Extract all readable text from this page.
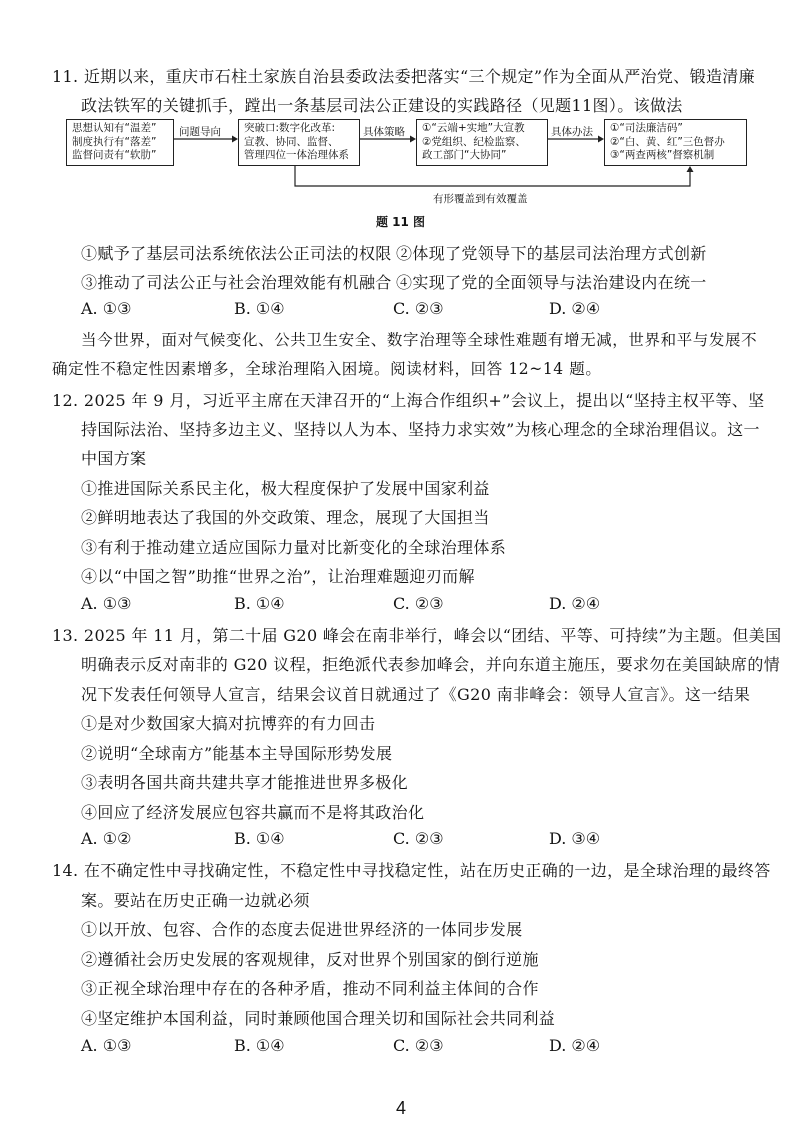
11. 近期以来，重庆市石柱土家族自治县委政法委把落实“三个规定”作为全面从严治党、锻造清廉
政法铁军的关键抓手，蹚出一条基层司法公正建设的实践路径（见题11图）。该做法
思想认知有“温差”
制度执行有“落差”
监督问责有“软肋”
问题导向 突破口:数字化改革:
宣教、协同、监督、
管理四位一体治理体系
具体策略 ①“云端+实地”大宣教
②党组织、纪检监察、
政工部门“大协同”
具体办法 ①“司法廉洁码”
②“白、黄、红”三色督办
③“两查两核”督察机制
有形覆盖到有效覆盖
题 11 图
①赋予了基层司法系统依法公正司法的权限 ②体现了党领导下的基层司法治理方式创新
③推动了司法公正与社会治理效能有机融合 ④实现了党的全面领导与法治建设内在统一
A. ①③	B. ①④	C. ②③	D. ②④
当今世界，面对气候变化、公共卫生安全、数字治理等全球性难题有增无减，世界和平与发展不
确定性不稳定性因素增多，全球治理陷入困境。阅读材料，回答 12~14 题。
12. 2025 年 9 月，习近平主席在天津召开的“上海合作组织+”会议上，提出以“坚持主权平等、坚
持国际法治、坚持多边主义、坚持以人为本、坚持力求实效”为核心理念的全球治理倡议。这一
中国方案
①推进国际关系民主化，极大程度保护了发展中国家利益
②鲜明地表达了我国的外交政策、理念，展现了大国担当
③有利于推动建立适应国际力量对比新变化的全球治理体系
④以“中国之智”助推“世界之治”，让治理难题迎刃而解
A. ①③	B. ①④	C. ②③	D. ②④
13. 2025 年 11 月，第二十届 G20 峰会在南非举行，峰会以“团结、平等、可持续”为主题。但美国
明确表示反对南非的 G20 议程，拒绝派代表参加峰会，并向东道主施压，要求勿在美国缺席的情
况下发表任何领导人宣言，结果会议首日就通过了《G20 南非峰会：领导人宣言》。这一结果
①是对少数国家大搞对抗博弈的有力回击
②说明“全球南方”能基本主导国际形势发展
③表明各国共商共建共享才能推进世界多极化
④回应了经济发展应包容共赢而不是将其政治化
A. ①②	B. ①④	C. ②③	D. ③④
14. 在不确定性中寻找确定性，不稳定性中寻找稳定性，站在历史正确的一边，是全球治理的最终答
案。要站在历史正确一边就必须
①以开放、包容、合作的态度去促进世界经济的一体同步发展
②遵循社会历史发展的客观规律，反对世界个别国家的倒行逆施
③正视全球治理中存在的各种矛盾，推动不同利益主体间的合作
④坚定维护本国利益，同时兼顾他国合理关切和国际社会共同利益
A. ①③	B. ①④	C. ②③	D. ②④
4
